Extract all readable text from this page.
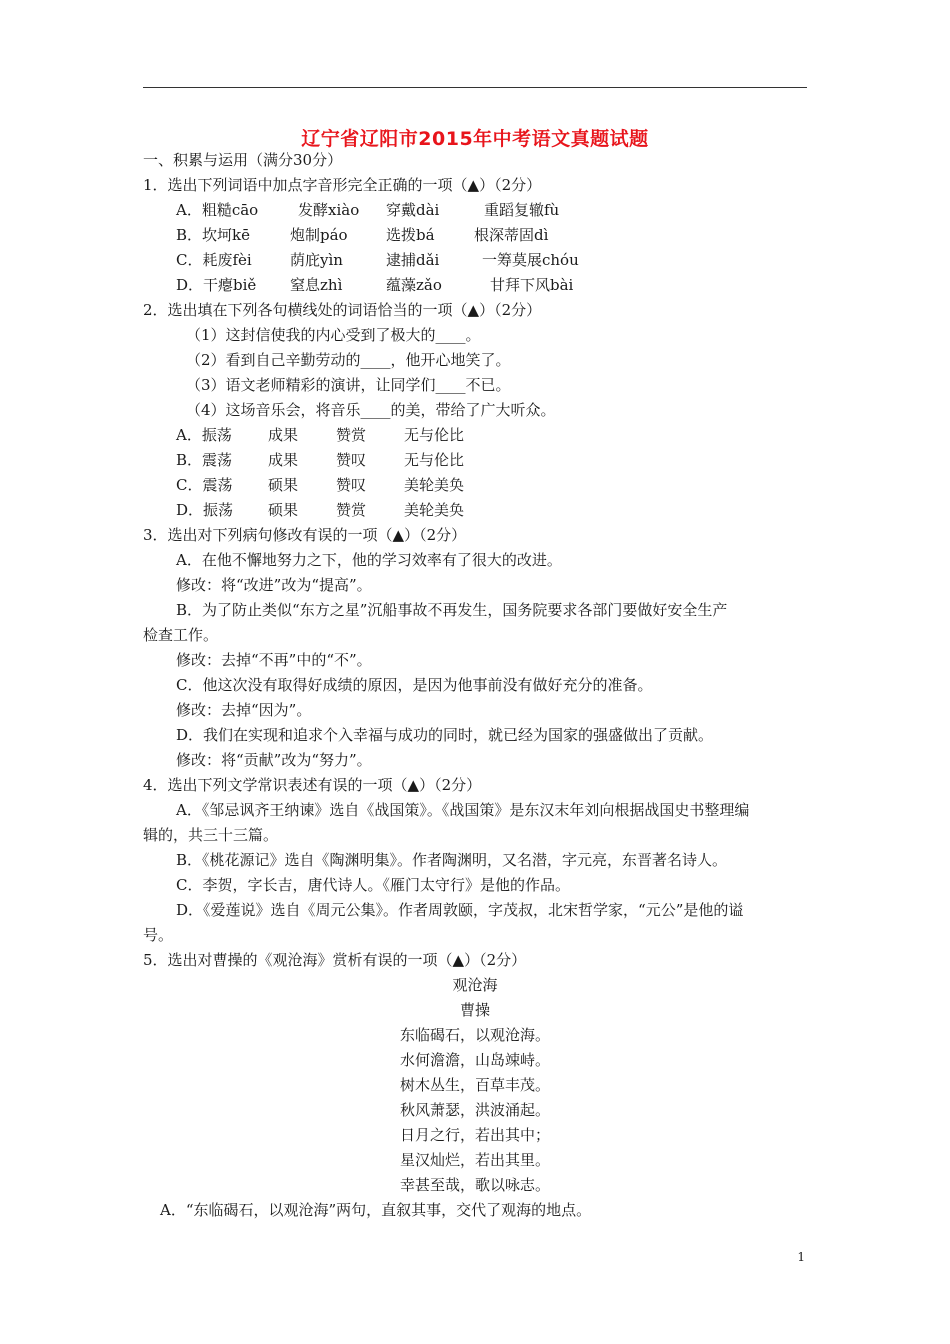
辽宁省辽阳市2015年中考语文真题试题
一、积累与运用（满分30分）
1．选出下列词语中加点字音形完全正确的一项（▲）（2分）
A．粗糙cāo	发酵xiào 穿戴dài	重蹈复辙fù
B．坎坷kē	炮制páo	选拨bá	根深蒂固dì
C．耗废fèi	荫庇yìn	逮捕dǎi	一筹莫展chóu
D．干瘪biě 窒息zhì	蕴藻zǎo	甘拜下风bài
2．选出填在下列各句横线处的词语恰当的一项（▲）（2分）
（1）这封信使我的内心受到了极大的____。
（2）看到自己辛勤劳动的____，他开心地笑了。
（3）语文老师精彩的演讲，让同学们____不已。
（4）这场音乐会，将音乐____的美，带给了广大听众。
A．振荡 成果	赞赏	无与伦比
B．震荡 成果	赞叹	无与伦比
C．震荡 硕果	赞叹	美轮美奂
D．振荡 硕果	赞赏	美轮美奂
3．选出对下列病句修改有误的一项（▲）（2分）
A．在他不懈地努力之下，他的学习效率有了很大的改进。
修改：将“改进”改为“提高”。
B．为了防止类似“东方之星”沉船事故不再发生，国务院要求各部门要做好安全生产
检查工作。
修改：去掉“不再”中的“不”。
C．他这次没有取得好成绩的原因，是因为他事前没有做好充分的准备。
修改：去掉“因为”。
D．我们在实现和追求个入幸福与成功的同时，就已经为国家的强盛做出了贡献。
修改：将“贡献”改为“努力”。
4．选出下列文学常识表述有误的一项（▲）（2分）
A．《邹忌讽齐王纳谏》选自《战国策》。《战国策》是东汉末年刘向根据战国史书整理编
辑的，共三十三篇。
B．《桃花源记》选自《陶渊明集》。作者陶渊明，又名潜，字元亮，东晋著名诗人。
C．李贺，字长吉，唐代诗人。《雁门太守行》是他的作品。
D．《爱莲说》选自《周元公集》。作者周敦颐，字茂叔，北宋哲学家，“元公”是他的谥
号。
5．选出对曹操的《观沧海》赏析有误的一项（▲）（2分）
观沧海
曹操
东临碣石，以观沧海。
水何澹澹，山岛竦峙。
树木丛生，百草丰茂。
秋风萧瑟，洪波涌起。
日月之行，若出其中；
星汉灿烂，若出其里。
幸甚至哉，歌以咏志。
A．“东临碣石，以观沧海”两句，直叙其事，交代了观海的地点。
1
